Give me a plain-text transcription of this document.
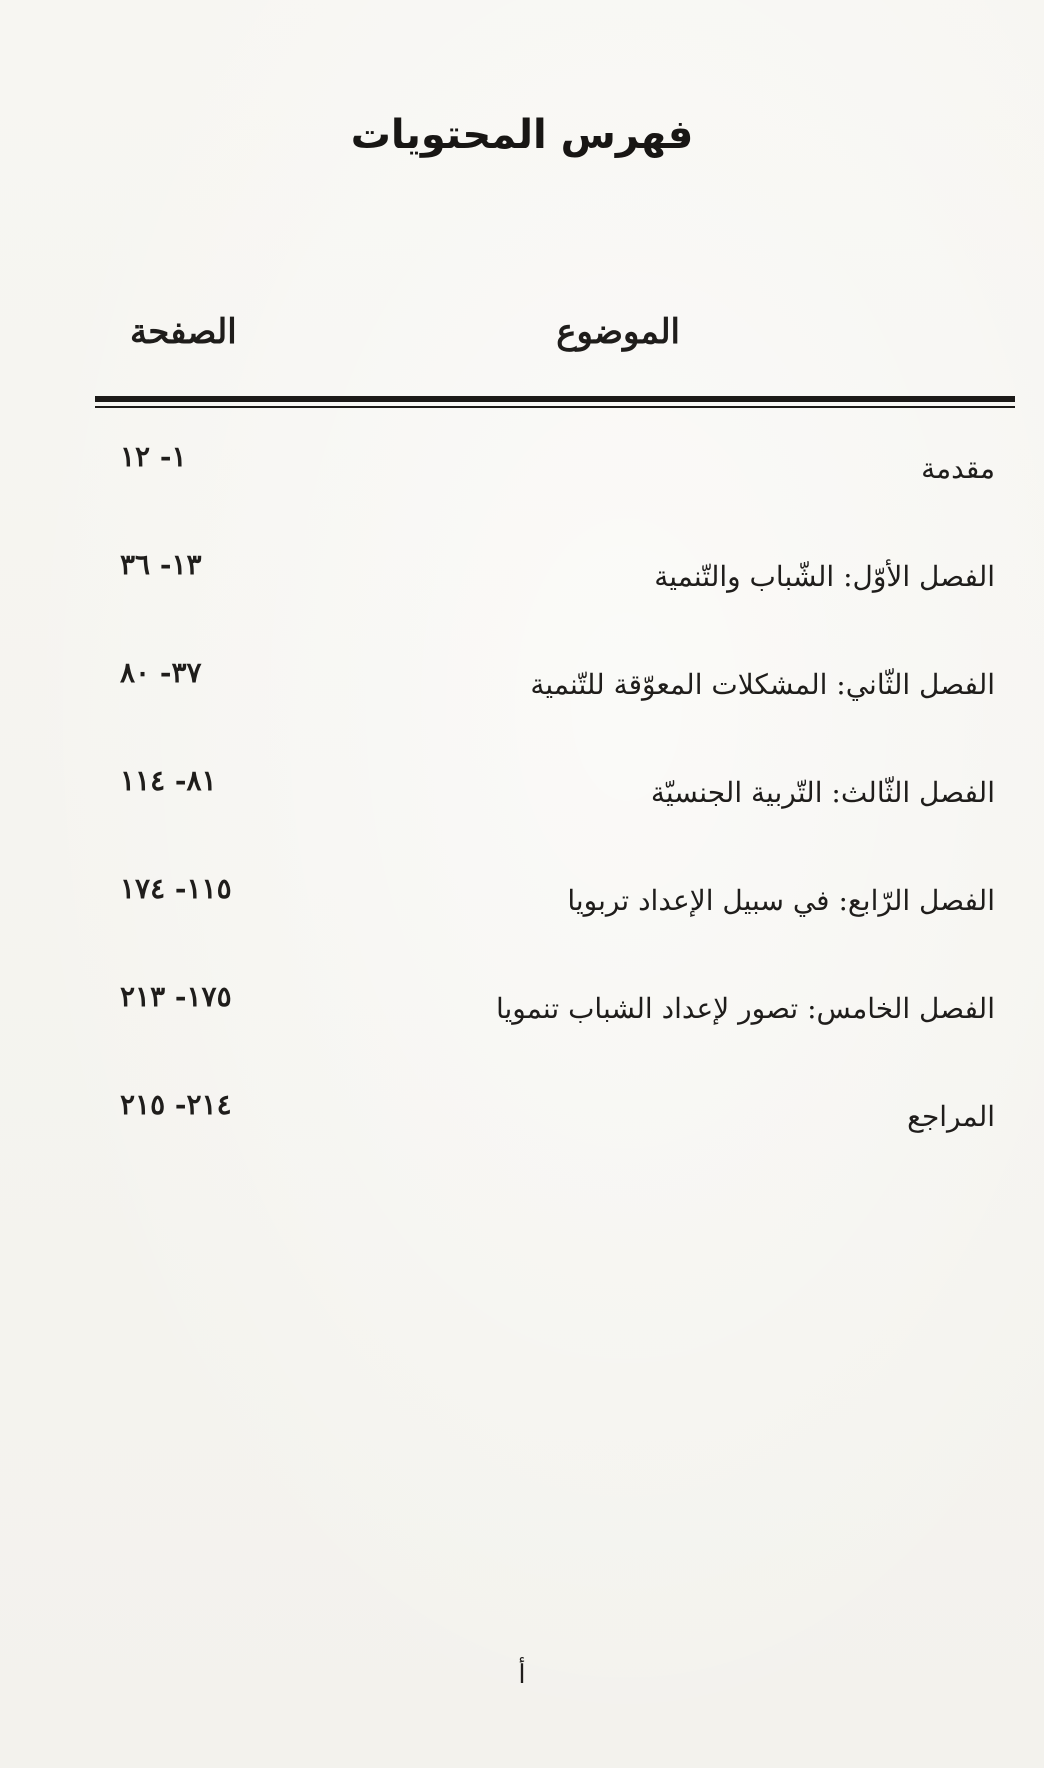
فهرس المحتويات
الموضوع
الصفحة
مقدمة
١- ١٢
الفصل الأوّل: الشّباب والتّنمية
١٣- ٣٦
الفصل الثّاني: المشكلات المعوّقة للتّنمية
٣٧- ٨٠
الفصل الثّالث: التّربية الجنسيّة
٨١- ١١٤
الفصل الرّابع: في سبيل الإعداد تربويا
١١٥- ١٧٤
الفصل الخامس: تصور لإعداد الشباب تنمويا
١٧٥- ٢١٣
المراجع
٢١٤- ٢١٥
أ
